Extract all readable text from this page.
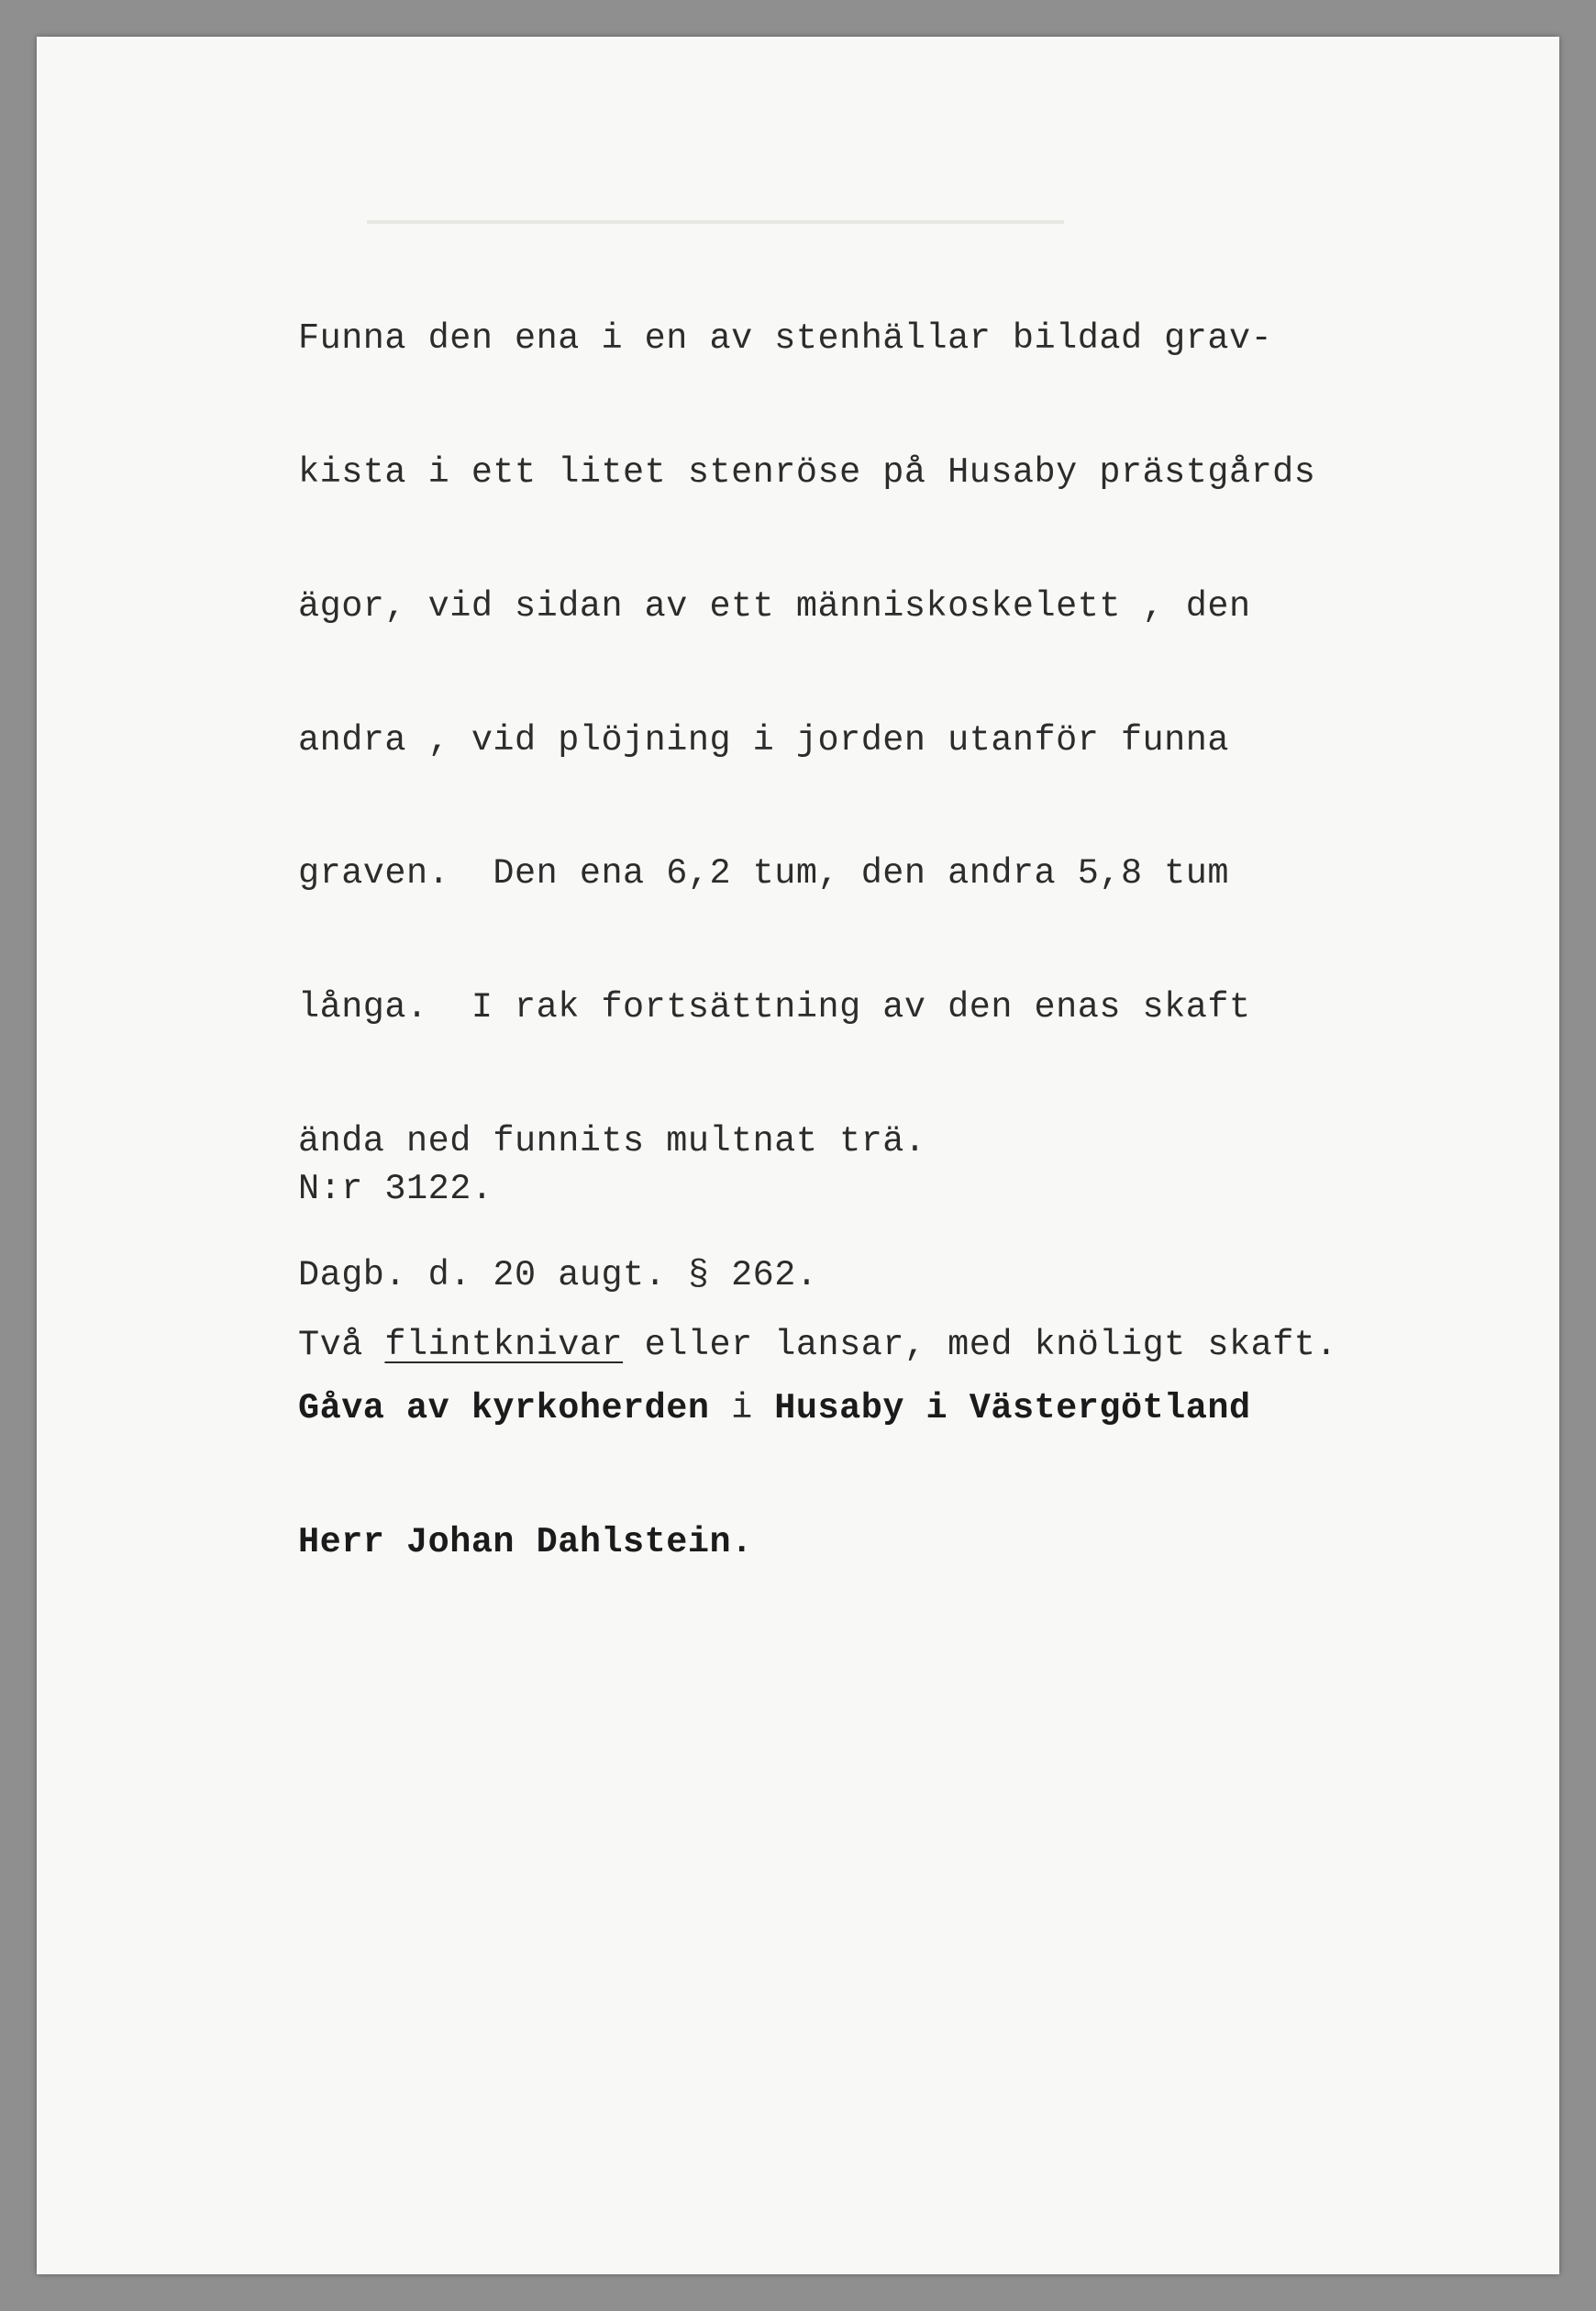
Funna den ena i en av stenhällar bildad grav-

kista i ett litet stenröse på Husaby prästgårds

ägor, vid sidan av ett människoskelett , den

andra , vid plöjning i jorden utanför funna

graven.  Den ena 6,2 tum, den andra 5,8 tum

långa.  I rak fortsättning av den enas skaft

ända ned funnits multnat trä.

Dagb. d. 20 augt. § 262.

Gåva av kyrkoherden i Husaby i Västergötland

Herr Johan Dahlstein.

N:r 3122.

Två flintknivar eller lansar, med knöligt skaft.
